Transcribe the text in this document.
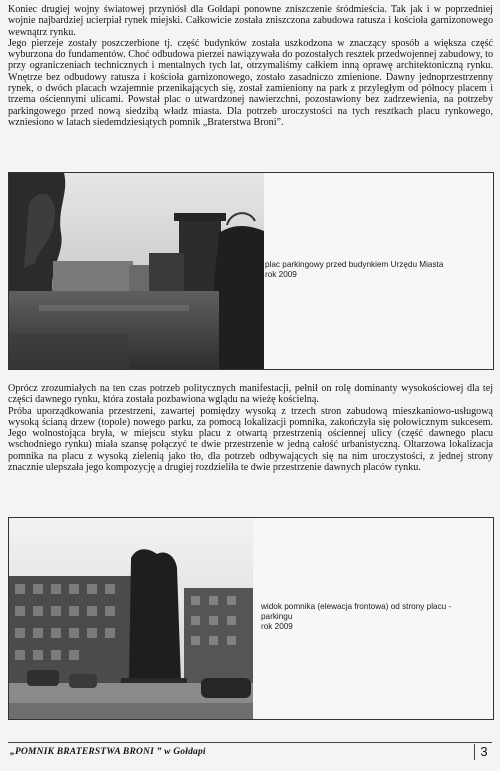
Koniec drugiej wojny światowej przyniósł dla Gołdapi ponowne zniszczenie śródmieścia. Tak jak i w poprzedniej wojnie najbardziej ucierpiał rynek miejski. Całkowicie została zniszczona zabudowa ratusza i kościoła garnizonowego wewnątrz rynku.

Jego pierzeje zostały poszczerbione tj. część budynków została uszkodzona w znaczący sposób a większa część wyburzona do fundamentów. Choć odbudowa pierzei nawiązywała do pozostałych resztek przedwojennej zabudowy, to przy ograniczeniach technicznych i mentalnych tych lat, otrzymaliśmy całkiem inną oprawę architektoniczną rynku. Wnętrze bez odbudowy ratusza i kościoła garnizonowego, zostało zasadniczo zmienione. Dawny jednoprzestrzenny rynek, o dwóch placach wzajemnie przenikających się, został zamieniony na park z przyległym od północy placem i trzema ościennymi ulicami. Powstał plac o utwardzonej nawierzchni, pozostawiony bez zadrzewienia, na potrzeby parkingowego przed nową siedzibą władz miasta. Dla potrzeb uroczystości na tych resztkach placu rynkowego, wzniesiono w latach siedemdziesiątych pomnik „Braterstwa Broni”.

plac parkingowy przed budynkiem Urzędu Miasta
rok 2009

Oprócz zrozumiałych na ten czas potrzeb politycznych manifestacji, pełnił on rolę dominanty wysokościowej dla tej części dawnego rynku, która została pozbawiona wglądu na wieżę kościelną.

Próba uporządkowania przestrzeni, zawartej pomiędzy wysoką z trzech stron zabudową mieszkaniowo-usługową wysoką ścianą drzew (topole) nowego parku, za pomocą lokalizacji pomnika, zakończyła się połowicznym sukcesem. Jego wolnostojąca bryła, w miejscu styku placu z otwartą przestrzenią ościennej ulicy (część dawnego placu wschodniego rynku) miała szansę połączyć te dwie przestrzenie w jedną całość urbanistyczną. Oltarzowa lokalizacja pomnika na placu z wysoką zielenią jako tło, dla potrzeb odbywających się na nim uroczystości, z jednej strony znacznie ulepszała jego kompozycję a drugiej rozdzieliła te dwie przestrzenie dawnych placów rynku.

widok pomnika (elewacja frontowa) od strony placu -
parkingu
rok 2009
„POMNIK BRATERSTWA BRONI ” w Gołdapi	3
